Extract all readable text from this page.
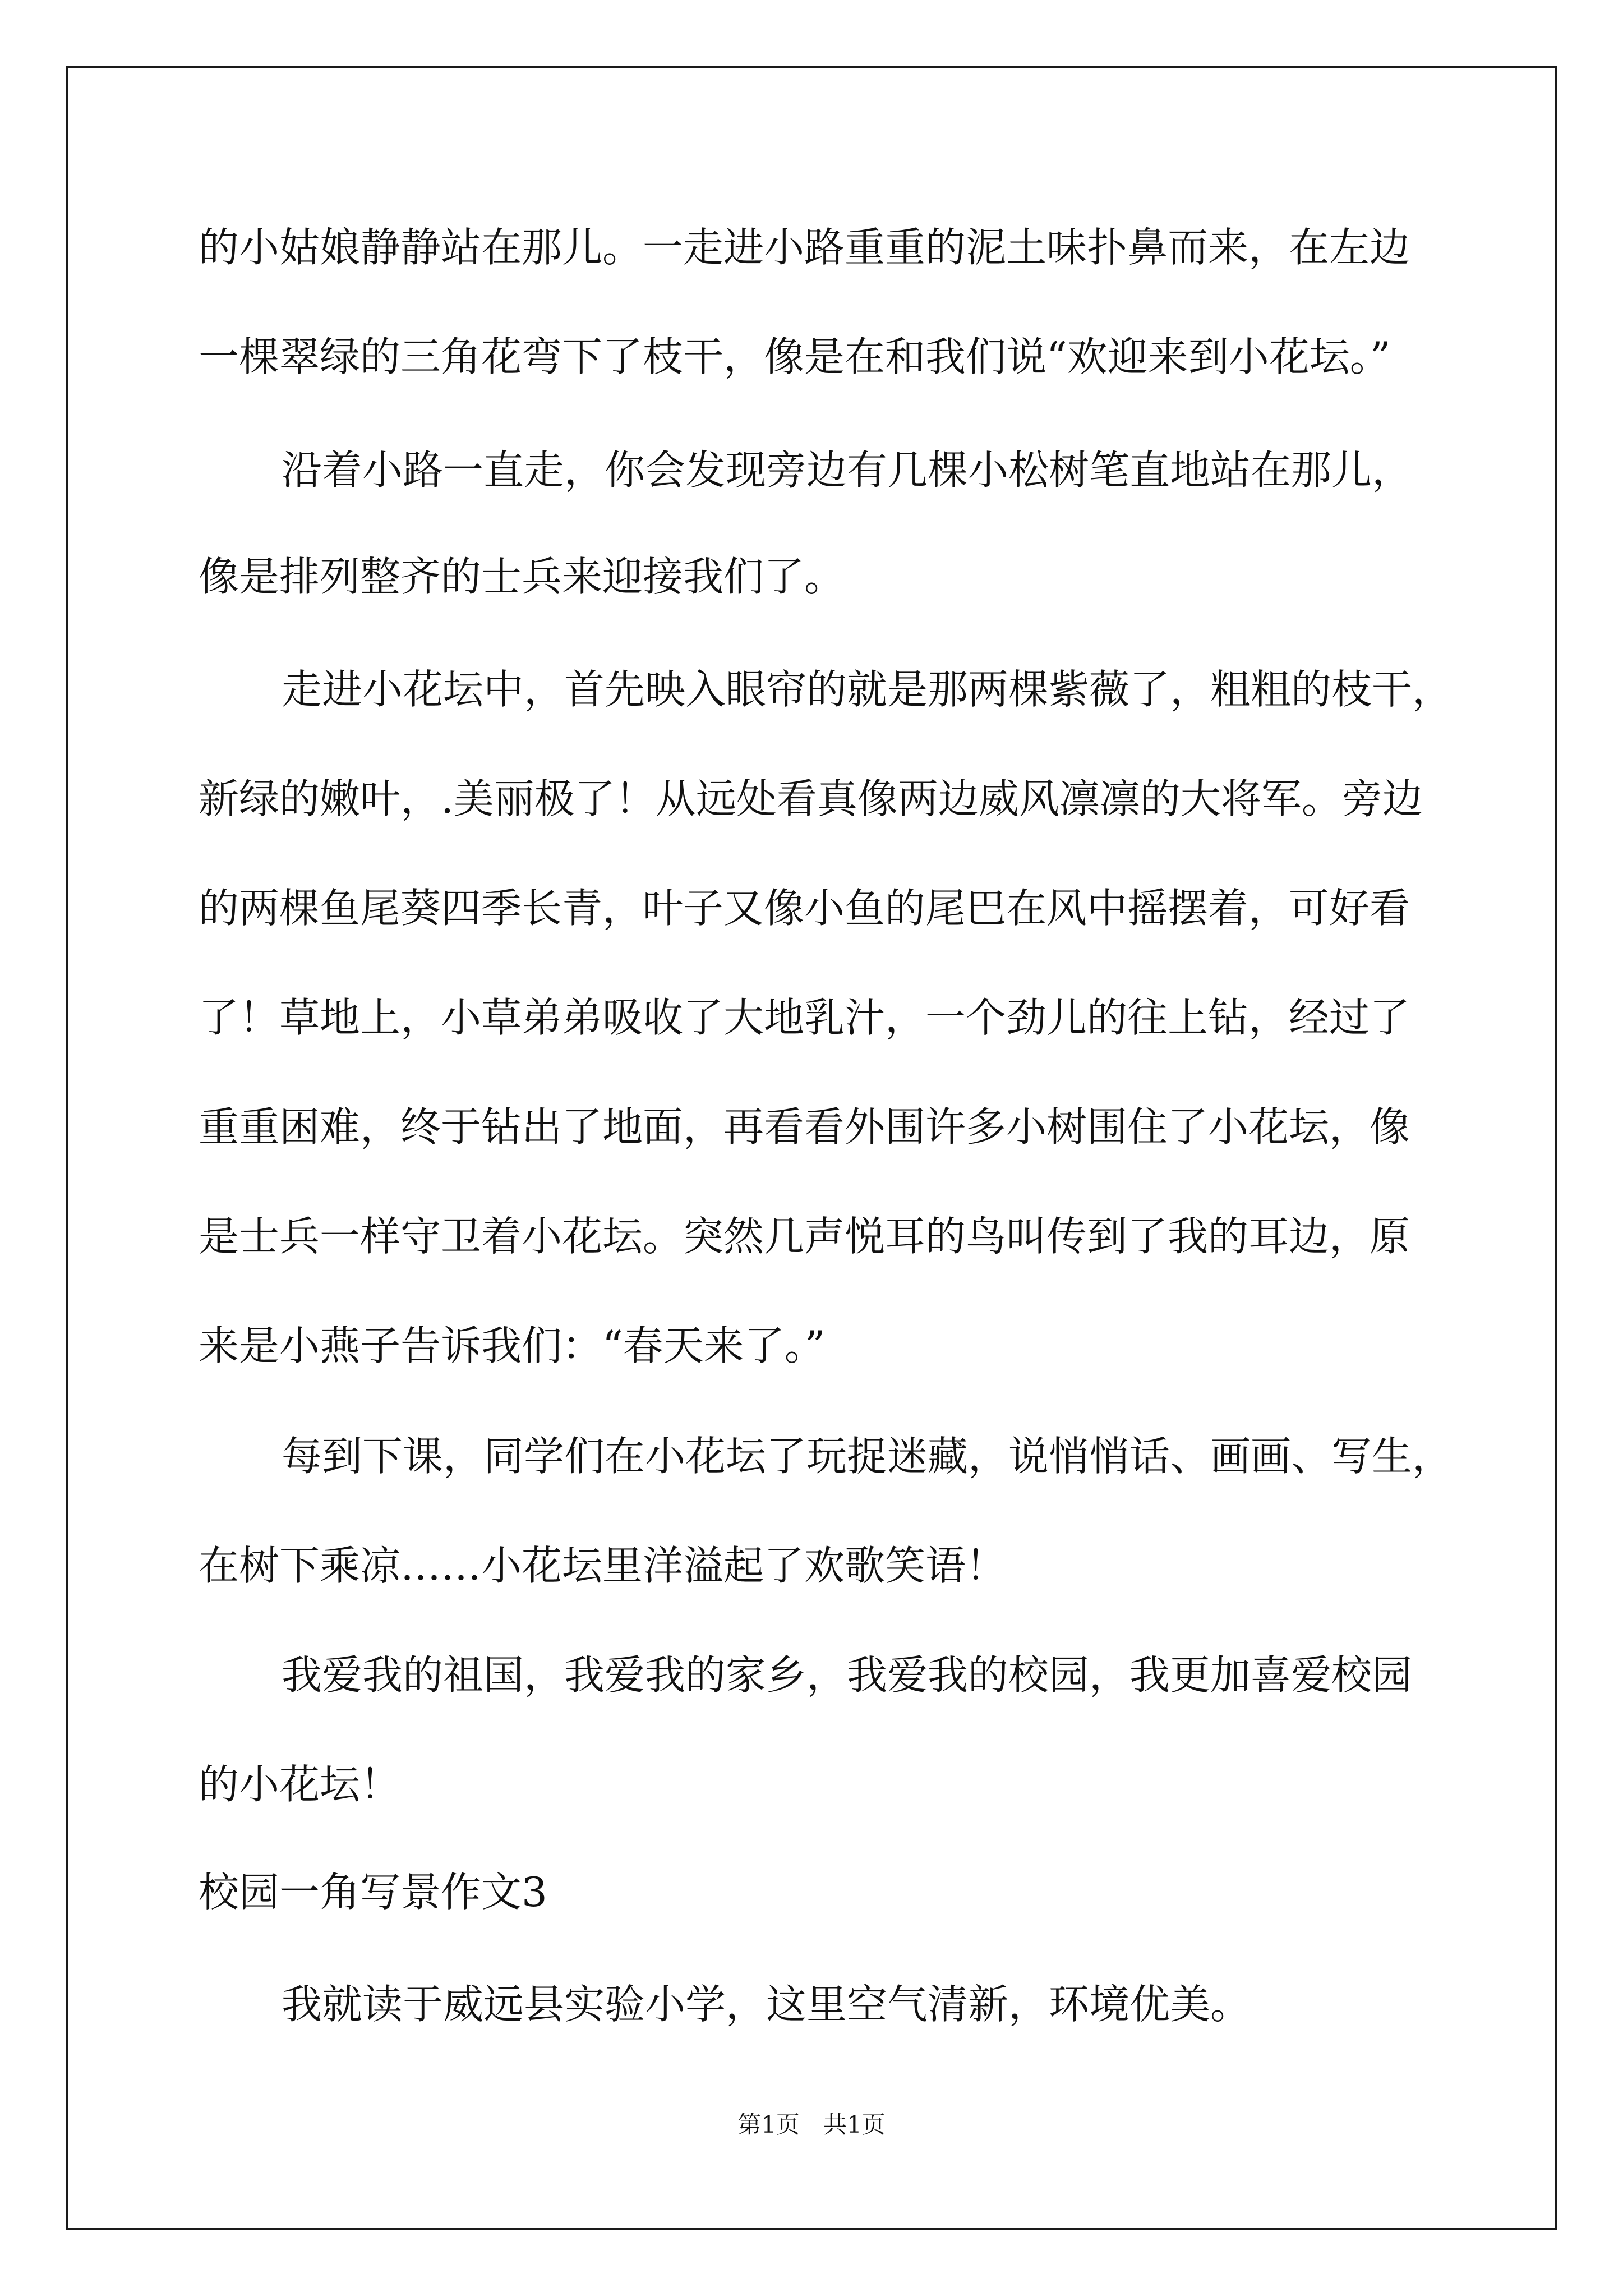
的小姑娘静静站在那儿。一走进小路重重的泥土味扑鼻而来，在左边
一棵翠绿的三角花弯下了枝干，像是在和我们说“欢迎来到小花坛。”
沿着小路一直走，你会发现旁边有几棵小松树笔直地站在那儿，
像是排列整齐的士兵来迎接我们了。
走进小花坛中，首先映入眼帘的就是那两棵紫薇了，粗粗的枝干，
新绿的嫩叶，.美丽极了！从远处看真像两边威风凛凛的大将军。旁边
的两棵鱼尾葵四季长青，叶子又像小鱼的尾巴在风中摇摆着，可好看
了！草地上，小草弟弟吸收了大地乳汁，一个劲儿的往上钻，经过了
重重困难，终于钻出了地面，再看看外围许多小树围住了小花坛，像
是士兵一样守卫着小花坛。突然几声悦耳的鸟叫传到了我的耳边，原
来是小燕子告诉我们：“春天来了。”
每到下课，同学们在小花坛了玩捉迷藏，说悄悄话、画画、写生，
在树下乘凉……小花坛里洋溢起了欢歌笑语！
我爱我的祖国，我爱我的家乡，我爱我的校园，我更加喜爱校园
的小花坛！
校园一角写景作文3
我就读于威远县实验小学，这里空气清新，环境优美。
第1页　共1页
